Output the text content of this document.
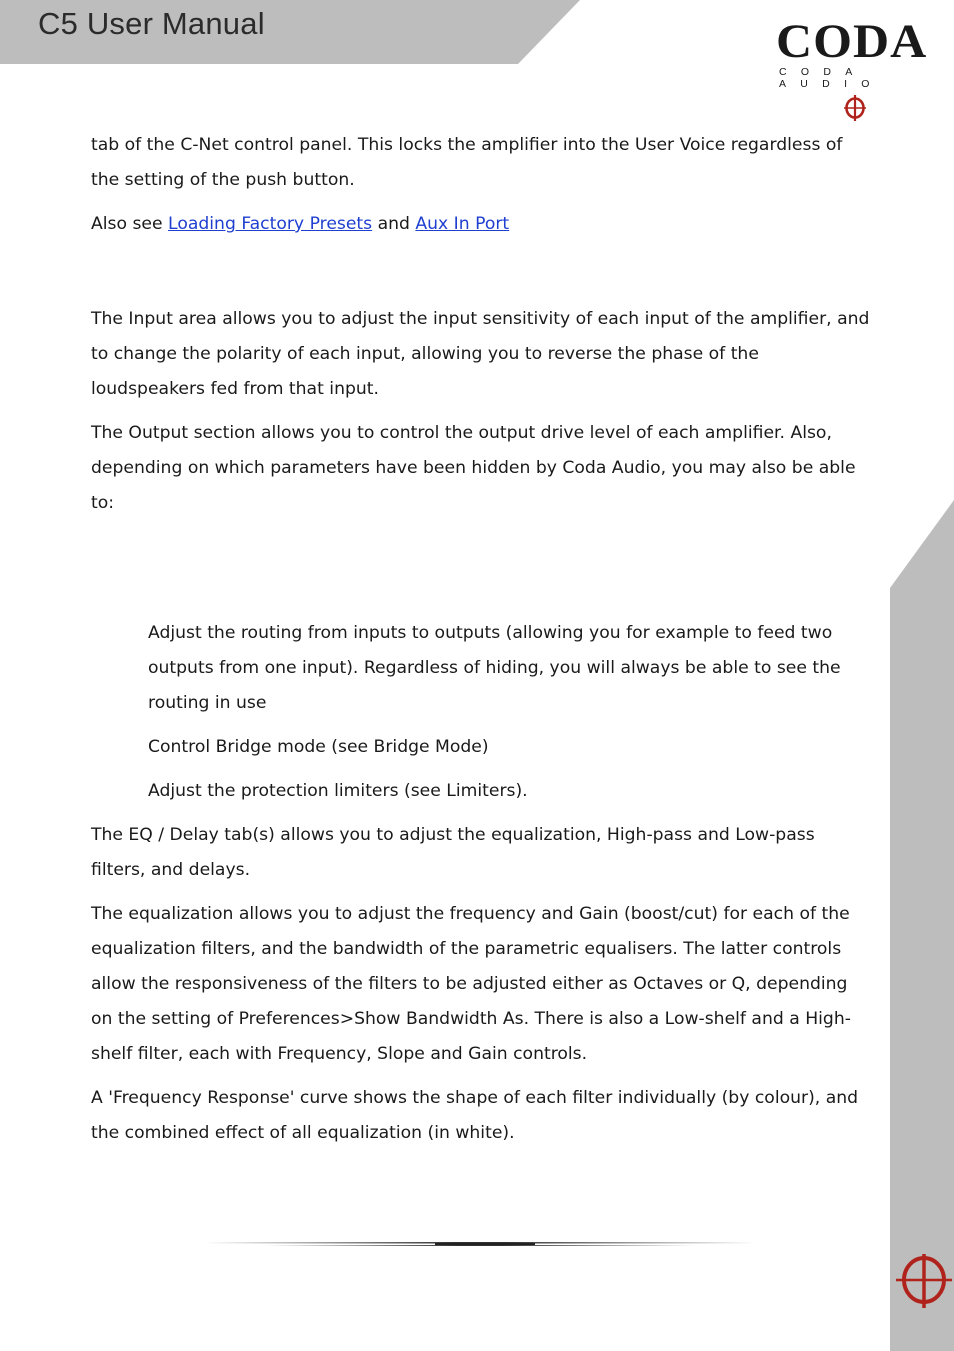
C5 User Manual	CODA
CODA AUDIO

tab of the C-Net control panel. This locks the amplifier into the User Voice regardless of the setting of the push button.

Also see Loading Factory Presets and Aux In Port

The Input area allows you to adjust the input sensitivity of each input of the amplifier, and to change the polarity of each input, allowing you to reverse the phase of the loudspeakers fed from that input.

The Output section allows you to control the output drive level of each amplifier. Also, depending on which parameters have been hidden by Coda Audio, you may also be able to:

Adjust the routing from inputs to outputs (allowing you for example to feed two outputs from one input). Regardless of hiding, you will always be able to see the routing in use

Control Bridge mode (see Bridge Mode)

Adjust the protection limiters (see Limiters).

The EQ / Delay tab(s) allows you to adjust the equalization, High-pass and Low-pass filters, and delays.

The equalization allows you to adjust the frequency and Gain (boost/cut) for each of the equalization filters, and the bandwidth of the parametric equalisers. The latter controls allow the responsiveness of the filters to be adjusted either as Octaves or Q, depending on the setting of Preferences>Show Bandwidth As. There is also a Low-shelf and a High-shelf filter, each with Frequency, Slope and Gain controls.

A 'Frequency Response' curve shows the shape of each filter individually (by colour), and the combined effect of all equalization (in white).
